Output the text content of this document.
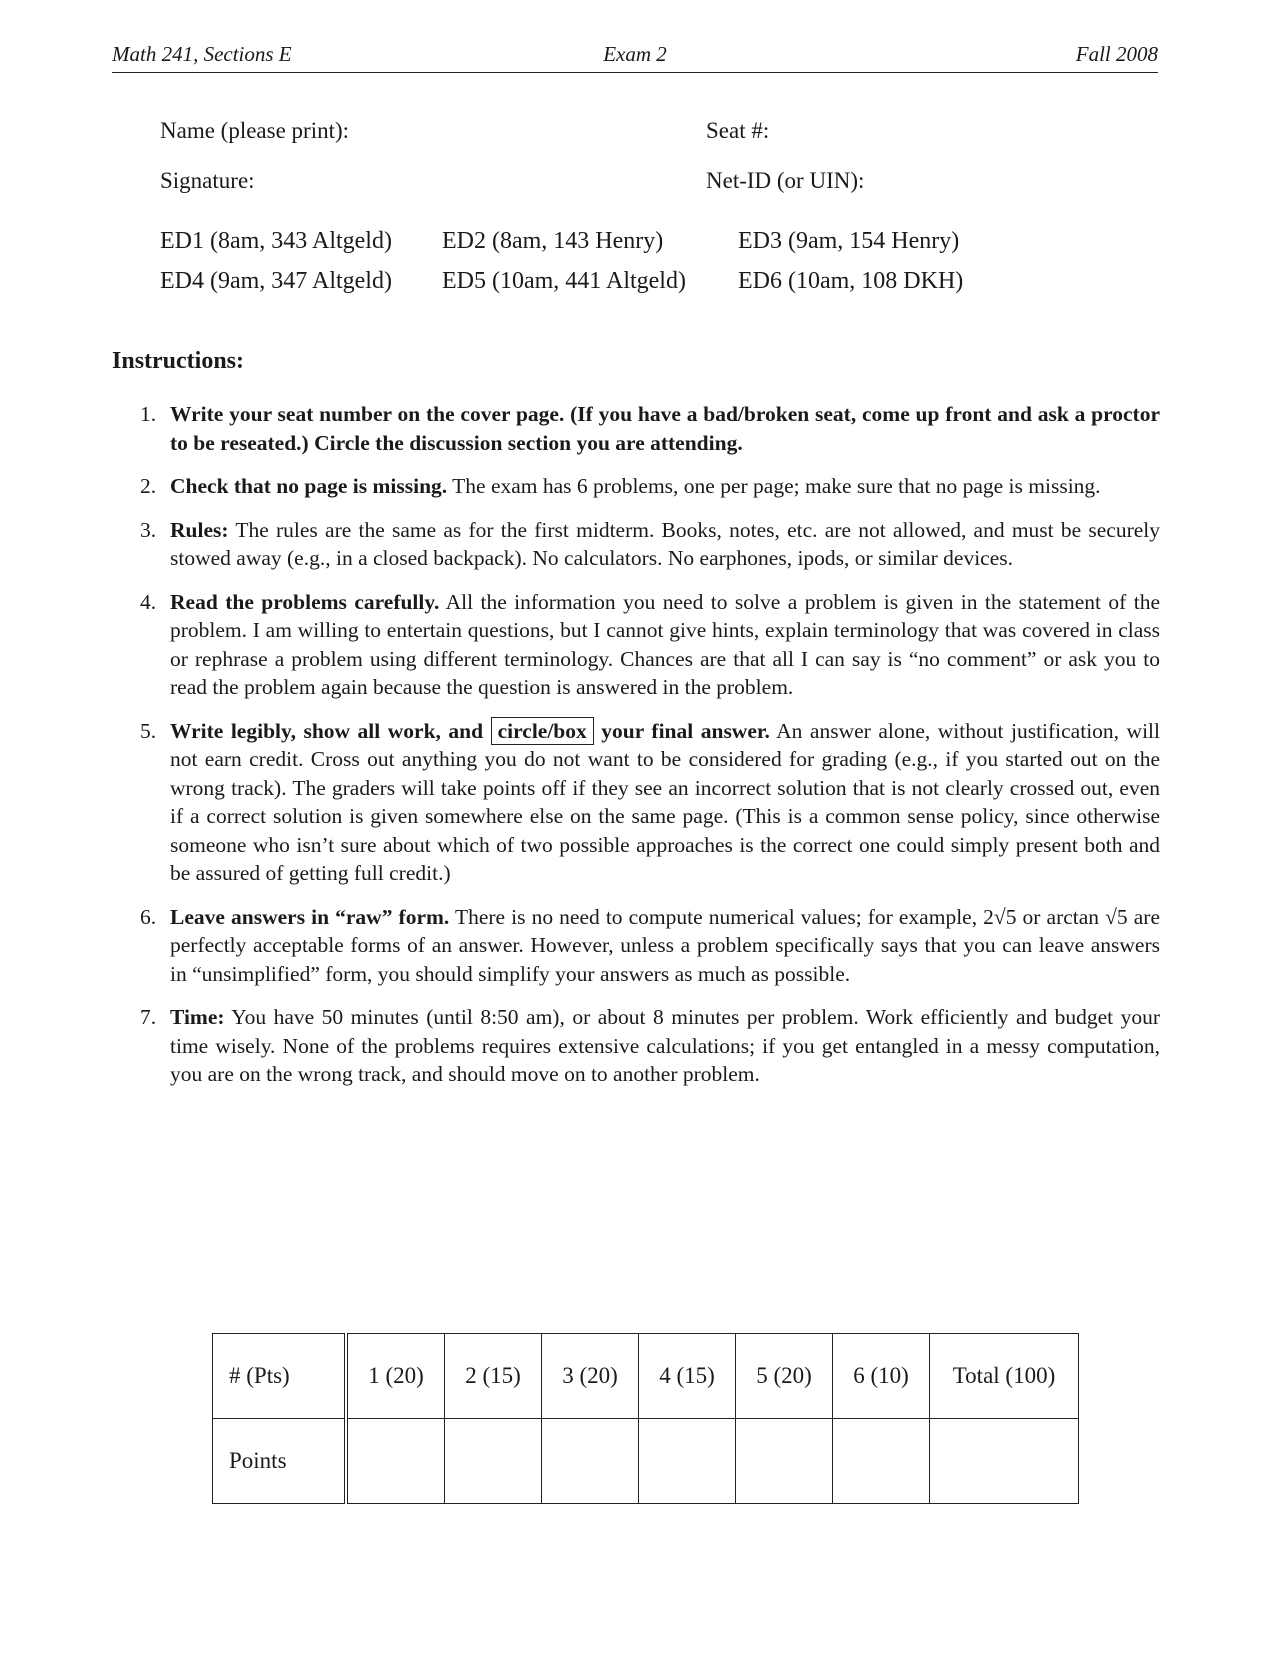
Math 241, Sections E	Exam 2	Fall 2008
Name (please print):	Seat #:
Signature:	Net-ID (or UIN):
ED1 (8am, 343 Altgeld) ED2 (8am, 143 Henry)	ED3 (9am, 154 Henry)
ED4 (9am, 347 Altgeld) ED5 (10am, 441 Altgeld) ED6 (10am, 108 DKH)
Instructions:
1. Write your seat number on the cover page. (If you have a bad/broken seat, come up front and ask a proctor to be reseated.) Circle the discussion section you are attending.
2. Check that no page is missing. The exam has 6 problems, one per page; make sure that no page is missing.
3. Rules: The rules are the same as for the first midterm. Books, notes, etc. are not allowed, and must be securely stowed away (e.g., in a closed backpack). No calculators. No earphones, ipods, or similar devices.
4. Read the problems carefully. All the information you need to solve a problem is given in the statement of the problem. I am willing to entertain questions, but I cannot give hints, explain terminology that was covered in class or rephrase a problem using different terminology. Chances are that all I can say is “no comment” or ask you to read the problem again because the question is answered in the problem.
5. Write legibly, show all work, and circle/box your final answer. An answer alone, without justification, will not earn credit. Cross out anything you do not want to be considered for grading (e.g., if you started out on the wrong track). The graders will take points off if they see an incorrect solution that is not clearly crossed out, even if a correct solution is given somewhere else on the same page. (This is a common sense policy, since otherwise someone who isn’t sure about which of two possible approaches is the correct one could simply present both and be assured of getting full credit.)
6. Leave answers in “raw” form. There is no need to compute numerical values; for example, 2√5 or arctan √5 are perfectly acceptable forms of an answer. However, unless a problem specifically says that you can leave answers in “unsimplified” form, you should simplify your answers as much as possible.
7. Time: You have 50 minutes (until 8:50 am), or about 8 minutes per problem. Work efficiently and budget your time wisely. None of the problems requires extensive calculations; if you get entangled in a messy computation, you are on the wrong track, and should move on to another problem.
# (Pts)	1 (20)	2 (15)	3 (20)	4 (15)	5 (20)	6 (10)	Total (100)
Points							
